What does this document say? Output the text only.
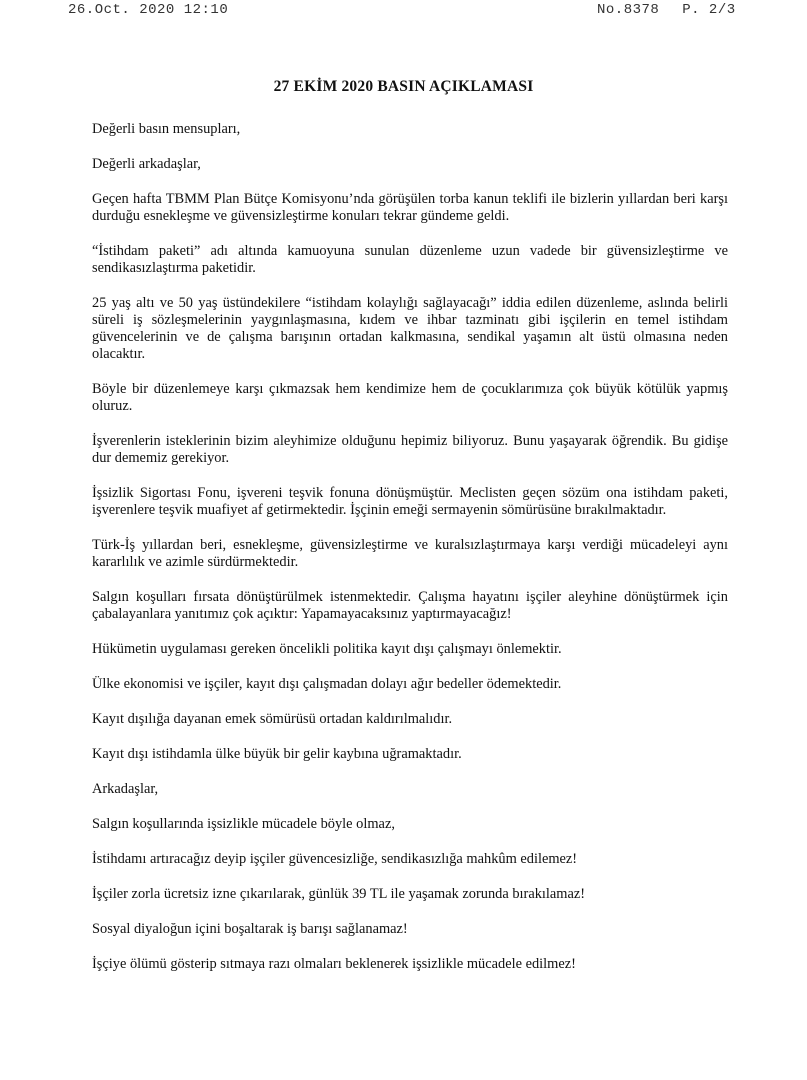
26.Oct. 2020 12:10	No.8378 P. 2/3
27 EKİM 2020 BASIN AÇIKLAMASI

Değerli basın mensupları,

Değerli arkadaşlar,

Geçen hafta TBMM Plan Bütçe Komisyonu’nda görüşülen torba kanun teklifi ile bizlerin yıllardan beri karşı durduğu esnekleşme ve güvensizleştirme konuları tekrar gündeme geldi.

“İstihdam paketi” adı altında kamuoyuna sunulan düzenleme uzun vadede bir güvensizleştirme ve sendikasızlaştırma paketidir.

25 yaş altı ve 50 yaş üstündekilere “istihdam kolaylığı sağlayacağı” iddia edilen düzenleme, aslında belirli süreli iş sözleşmelerinin yaygınlaşmasına, kıdem ve ihbar tazminatı gibi işçilerin en temel istihdam güvencelerinin ve de çalışma barışının ortadan kalkmasına, sendikal yaşamın alt üstü olmasına neden olacaktır.

Böyle bir düzenlemeye karşı çıkmazsak hem kendimize hem de çocuklarımıza çok büyük kötülük yapmış oluruz.

İşverenlerin isteklerinin bizim aleyhimize olduğunu hepimiz biliyoruz. Bunu yaşayarak öğrendik. Bu gidişe dur dememiz gerekiyor.

İşsizlik Sigortası Fonu, işvereni teşvik fonuna dönüşmüştür. Meclisten geçen sözüm ona istihdam paketi, işverenlere teşvik muafiyet af getirmektedir. İşçinin emeği sermayenin sömürüsüne bırakılmaktadır.

Türk-İş yıllardan beri, esnekleşme, güvensizleştirme ve kuralsızlaştırmaya karşı verdiği mücadeleyi aynı kararlılık ve azimle sürdürmektedir.

Salgın koşulları fırsata dönüştürülmek istenmektedir. Çalışma hayatını işçiler aleyhine dönüştürmek için çabalayanlara yanıtımız çok açıktır: Yapamayacaksınız yaptırmayacağız!

Hükümetin uygulaması gereken öncelikli politika kayıt dışı çalışmayı önlemektir.

Ülke ekonomisi ve işçiler, kayıt dışı çalışmadan dolayı ağır bedeller ödemektedir.

Kayıt dışılığa dayanan emek sömürüsü ortadan kaldırılmalıdır.

Kayıt dışı istihdamla ülke büyük bir gelir kaybına uğramaktadır.

Arkadaşlar,

Salgın koşullarında işsizlikle mücadele böyle olmaz,

İstihdamı artıracağız deyip işçiler güvencesizliğe, sendikasızlığa mahkûm edilemez!

İşçiler zorla ücretsiz izne çıkarılarak, günlük 39 TL ile yaşamak zorunda bırakılamaz!

Sosyal diyaloğun içini boşaltarak iş barışı sağlanamaz!

İşçiye ölümü gösterip sıtmaya razı olmaları beklenerek işsizlikle mücadele edilmez!
